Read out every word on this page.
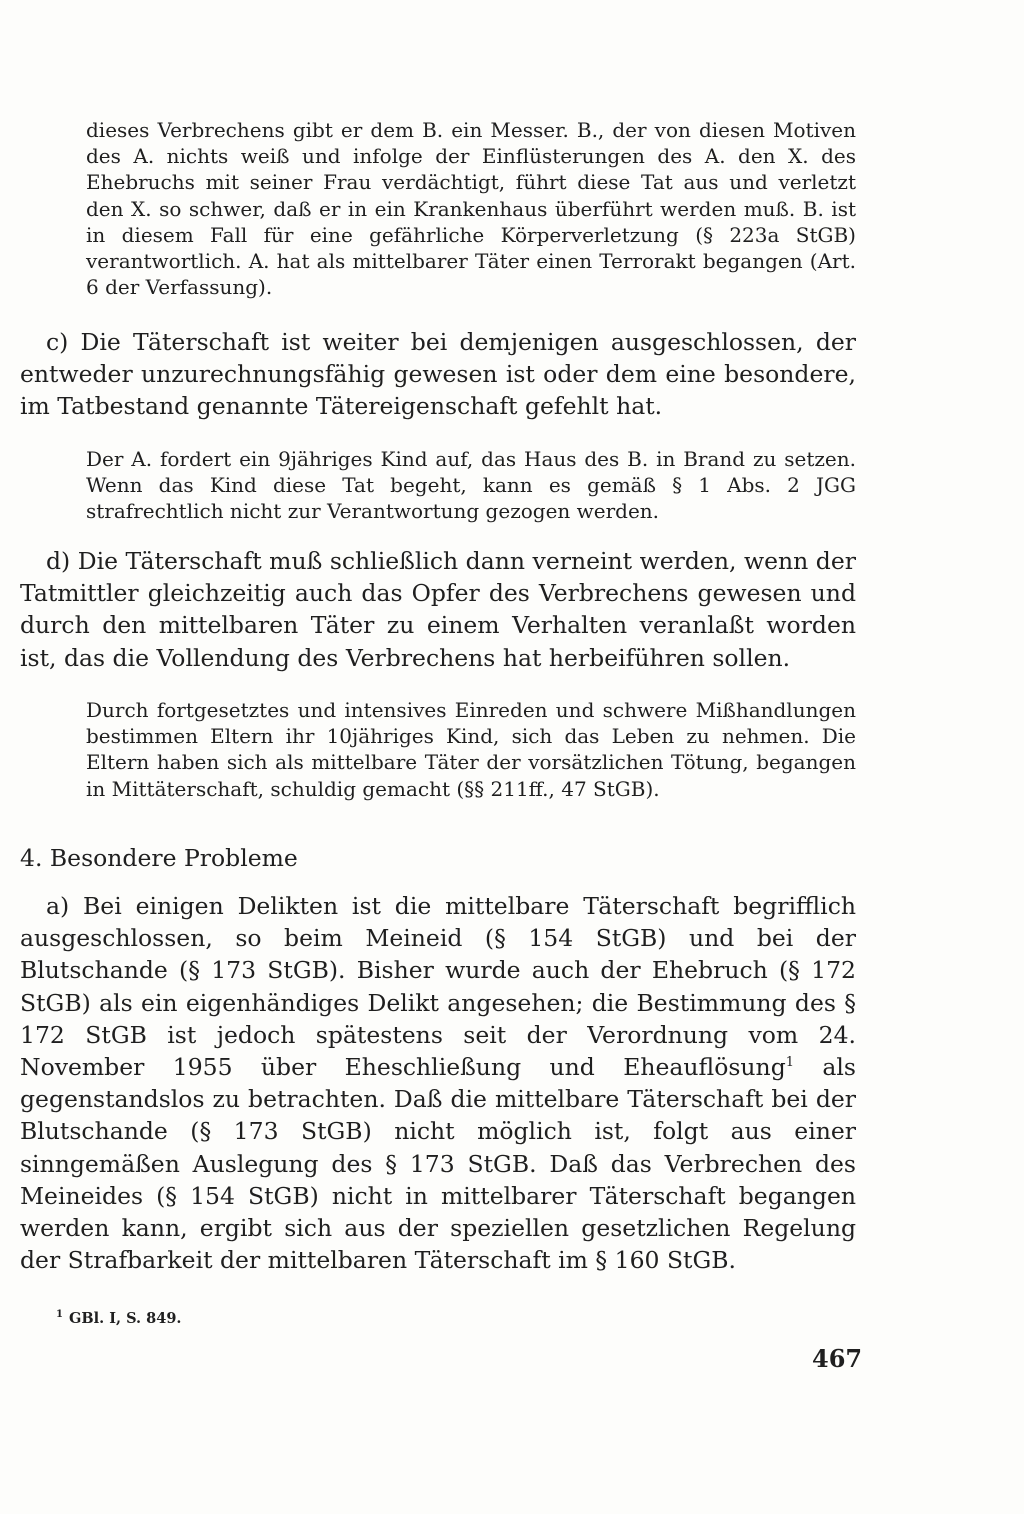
dieses Verbrechens gibt er dem B. ein Messer. B., der von diesen Motiven des A. nichts weiß und infolge der Einflüsterungen des A. den X. des Ehebruchs mit seiner Frau verdächtigt, führt diese Tat aus und verletzt den X. so schwer, daß er in ein Krankenhaus überführt werden muß. B. ist in diesem Fall für eine gefährliche Körperverletzung (§ 223a StGB) verantwortlich. A. hat als mittelbarer Täter einen Terrorakt begangen (Art. 6 der Verfassung).

c) Die Täterschaft ist weiter bei demjenigen ausgeschlossen, der entweder unzurechnungsfähig gewesen ist oder dem eine besondere, im Tatbestand genannte Tätereigenschaft gefehlt hat.

Der A. fordert ein 9jähriges Kind auf, das Haus des B. in Brand zu setzen. Wenn das Kind diese Tat begeht, kann es gemäß § 1 Abs. 2 JGG strafrechtlich nicht zur Verantwortung gezogen werden.

d) Die Täterschaft muß schließlich dann verneint werden, wenn der Tatmittler gleichzeitig auch das Opfer des Verbrechens gewesen und durch den mittelbaren Täter zu einem Verhalten veranlaßt worden ist, das die Vollendung des Verbrechens hat herbeiführen sollen.

Durch fortgesetztes und intensives Einreden und schwere Mißhandlungen bestimmen Eltern ihr 10jähriges Kind, sich das Leben zu nehmen. Die Eltern haben sich als mittelbare Täter der vorsätzlichen Tötung, begangen in Mittäterschaft, schuldig gemacht (§§ 211ff., 47 StGB).

4. Besondere Probleme

a) Bei einigen Delikten ist die mittelbare Täterschaft begrifflich ausgeschlossen, so beim Meineid (§ 154 StGB) und bei der Blutschande (§ 173 StGB). Bisher wurde auch der Ehebruch (§ 172 StGB) als ein eigenhändiges Delikt angesehen; die Bestimmung des § 172 StGB ist jedoch spätestens seit der Verordnung vom 24. November 1955 über Eheschließung und Eheauflösung$^1$ als gegenstandslos zu betrachten. Daß die mittelbare Täterschaft bei der Blutschande (§ 173 StGB) nicht möglich ist, folgt aus einer sinngemäßen Auslegung des § 173 StGB. Daß das Verbrechen des Meineides (§ 154 StGB) nicht in mittelbarer Täterschaft begangen werden kann, ergibt sich aus der speziellen gesetzlichen Regelung der Strafbarkeit der mittelbaren Täterschaft im § 160 StGB.

$^1$ GBl. I, S. 849.
467
